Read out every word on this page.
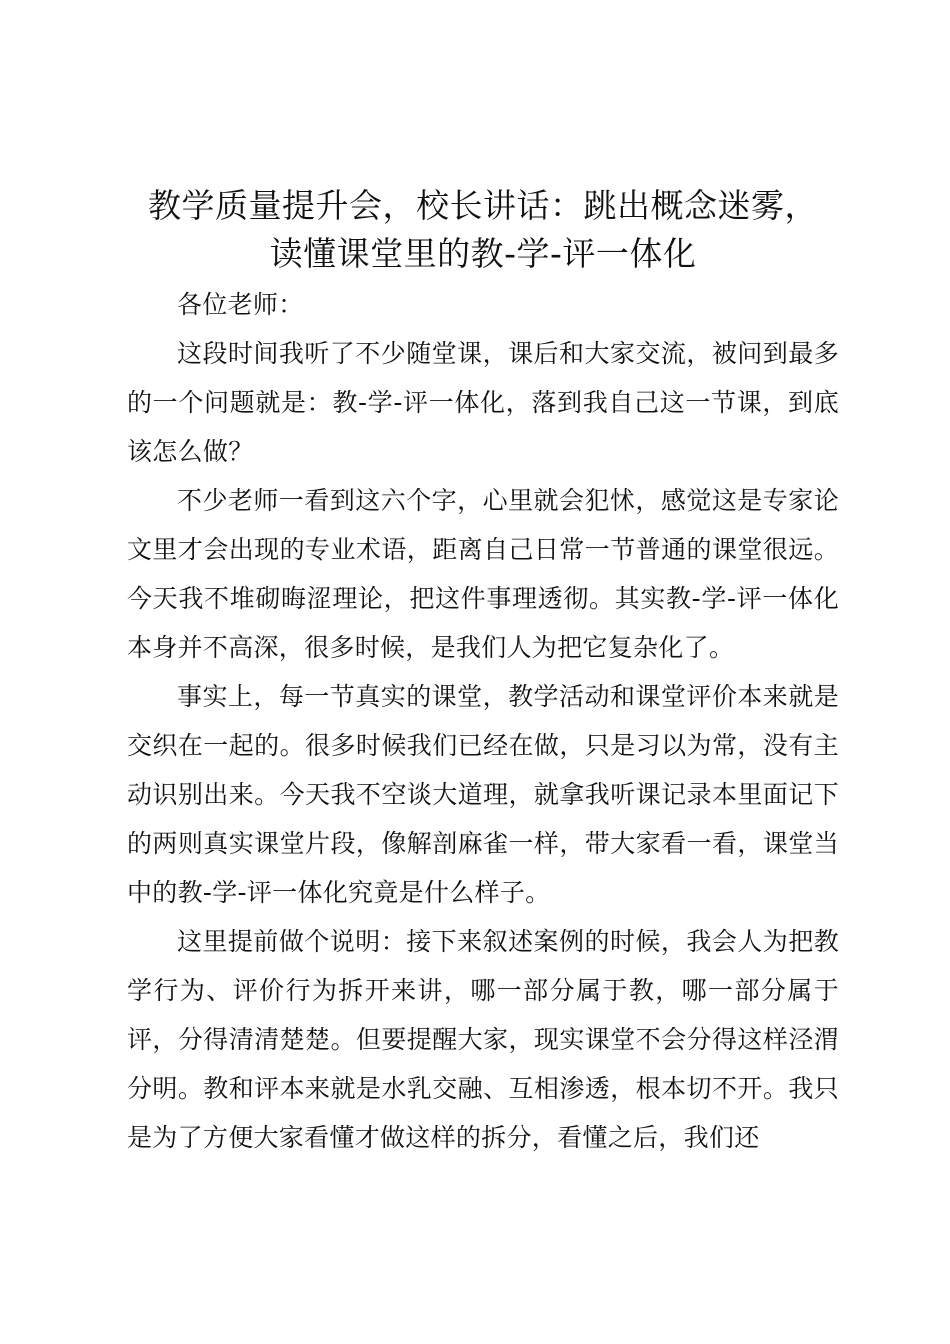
教学质量提升会，校长讲话：跳出概念迷雾，
读懂课堂里的教-学-评一体化

各位老师：

这段时间我听了不少随堂课，课后和大家交流，被问到最多的一个问题就是：教-学-评一体化，落到我自己这一节课，到底该怎么做？

不少老师一看到这六个字，心里就会犯怵，感觉这是专家论文里才会出现的专业术语，距离自己日常一节普通的课堂很远。今天我不堆砌晦涩理论，把这件事理透彻。其实教-学-评一体化本身并不高深，很多时候，是我们人为把它复杂化了。

事实上，每一节真实的课堂，教学活动和课堂评价本来就是交织在一起的。很多时候我们已经在做，只是习以为常，没有主动识别出来。今天我不空谈大道理，就拿我听课记录本里面记下的两则真实课堂片段，像解剖麻雀一样，带大家看一看，课堂当中的教-学-评一体化究竟是什么样子。

这里提前做个说明：接下来叙述案例的时候，我会人为把教学行为、评价行为拆开来讲，哪一部分属于教，哪一部分属于评，分得清清楚楚。但要提醒大家，现实课堂不会分得这样泾渭分明。教和评本来就是水乳交融、互相渗透，根本切不开。我只是为了方便大家看懂才做这样的拆分，看懂之后，我们还
